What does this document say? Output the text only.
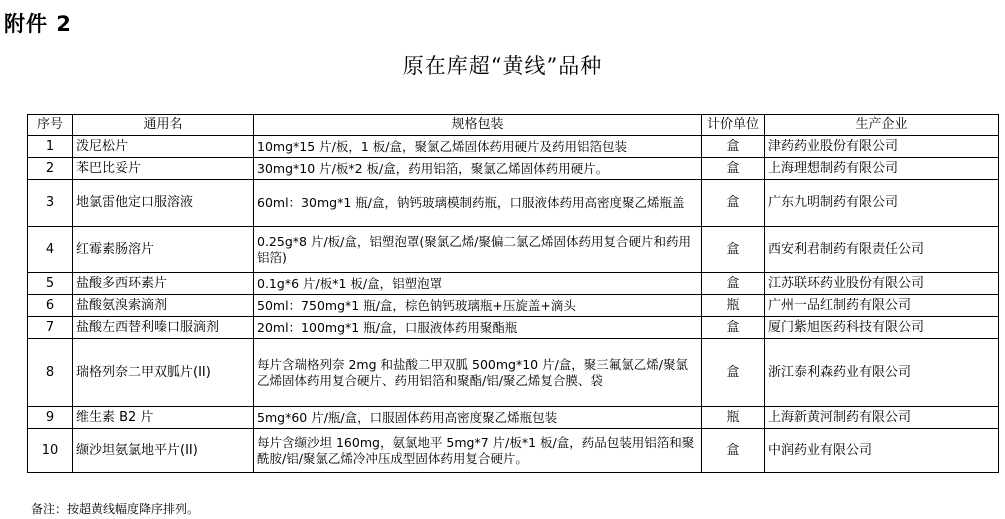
附件 2
原在库超“黄线”品种
序号	通用名	规格包装	计价单位	生产企业
1	泼尼松片	10mg*15 片/板，1 板/盒，聚氯乙烯固体药用硬片及药用铝箔包装	盒	津药药业股份有限公司
2	苯巴比妥片	30mg*10 片/板*2 板/盒，药用铝箔，聚氯乙烯固体药用硬片。	盒	上海理想制药有限公司
3	地氯雷他定口服溶液	60ml：30mg*1 瓶/盒，钠钙玻璃模制药瓶，口服液体药用高密度聚乙烯瓶盖	盒	广东九明制药有限公司
4	红霉素肠溶片	0.25g*8 片/板/盒，铝塑泡罩(聚氯乙烯/聚偏二氯乙烯固体药用复合硬片和药用铝箔)	盒	西安利君制药有限责任公司
5	盐酸多西环素片	0.1g*6 片/板*1 板/盒，铝塑泡罩	盒	江苏联环药业股份有限公司
6	盐酸氨溴索滴剂	50ml：750mg*1 瓶/盒，棕色钠钙玻璃瓶+压旋盖+滴头	瓶	广州一品红制药有限公司
7	盐酸左西替利嗪口服滴剂	20ml：100mg*1 瓶/盒，口服液体药用聚酯瓶	盒	厦门紫旭医药科技有限公司
8	瑞格列奈二甲双胍片(II)	每片含瑞格列奈 2mg 和盐酸二甲双胍 500mg*10 片/盒，聚三氟氯乙烯/聚氯乙烯固体药用复合硬片、药用铝箔和聚酯/铝/聚乙烯复合膜、袋	盒	浙江泰利森药业有限公司
9	维生素 B2 片	5mg*60 片/瓶/盒，口服固体药用高密度聚乙烯瓶包装	瓶	上海新黄河制药有限公司
10	缬沙坦氨氯地平片(II)	每片含缬沙坦 160mg，氨氯地平 5mg*7 片/板*1 板/盒，药品包装用铝箔和聚酰胺/铝/聚氯乙烯冷冲压成型固体药用复合硬片。	盒	中润药业有限公司
备注：按超黄线幅度降序排列。
